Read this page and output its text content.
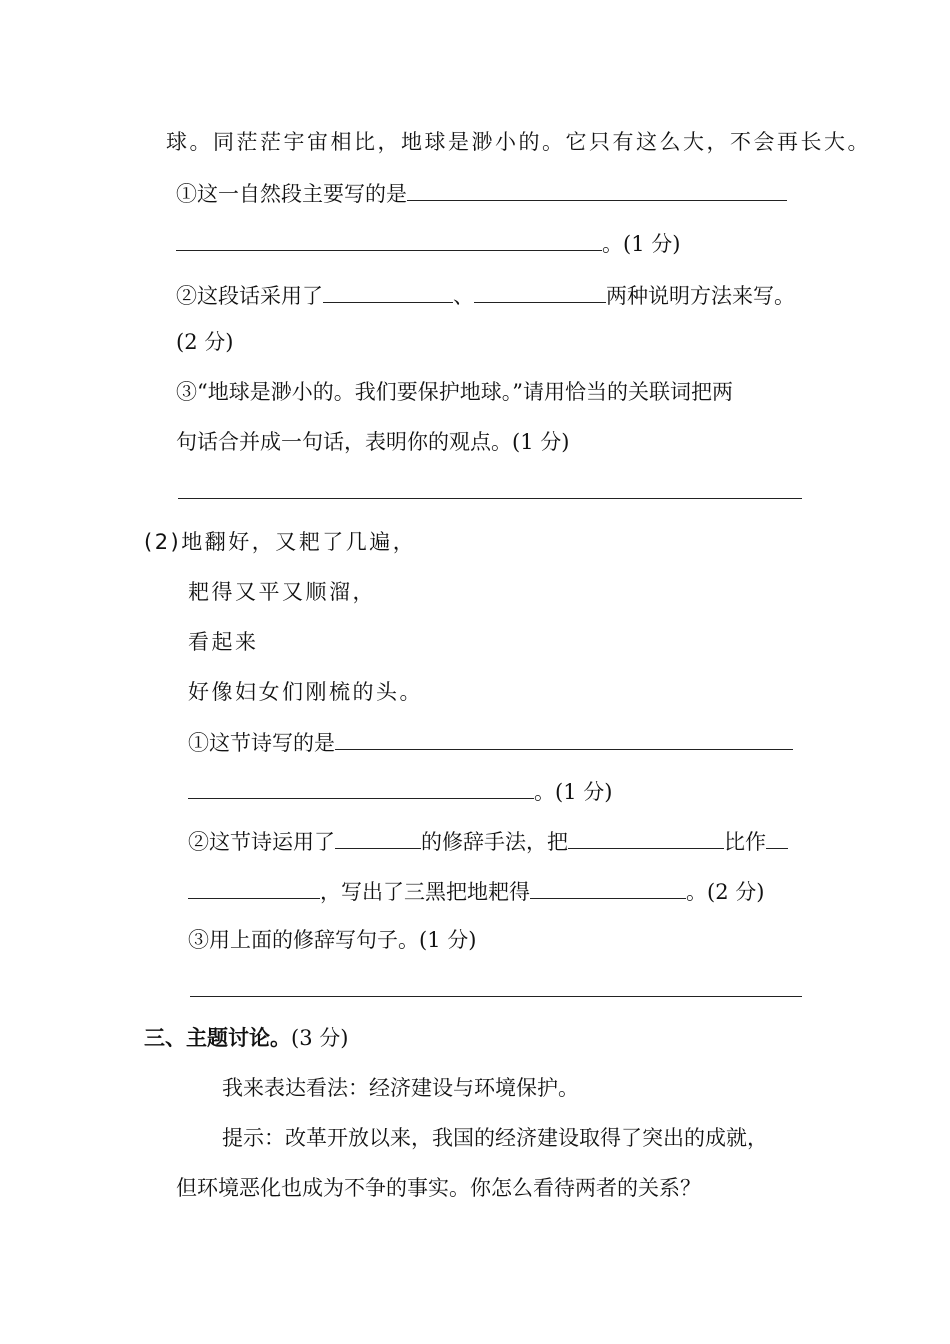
球。同茫茫宇宙相比，地球是渺小的。它只有这么大，不会再长大。
①这一自然段主要写的是
。(1 分)
②这段话采用了	、	两种说明方法来写。
(2 分)
③“地球是渺小的。我们要保护地球。”请用恰当的关联词把两
句话合并成一句话，表明你的观点。(1 分)
(2)地翻好，又耙了几遍，
耙得又平又顺溜，
看起来
好像妇女们刚梳的头。
①这节诗写的是
。(1 分)
②这节诗运用了	的修辞手法，把	比作
，写出了三黑把地耙得	。(2 分)
③用上面的修辞写句子。(1 分)
三、主题讨论。(3 分)
我来表达看法：经济建设与环境保护。
提示：改革开放以来，我国的经济建设取得了突出的成就，
但环境恶化也成为不争的事实。你怎么看待两者的关系？
